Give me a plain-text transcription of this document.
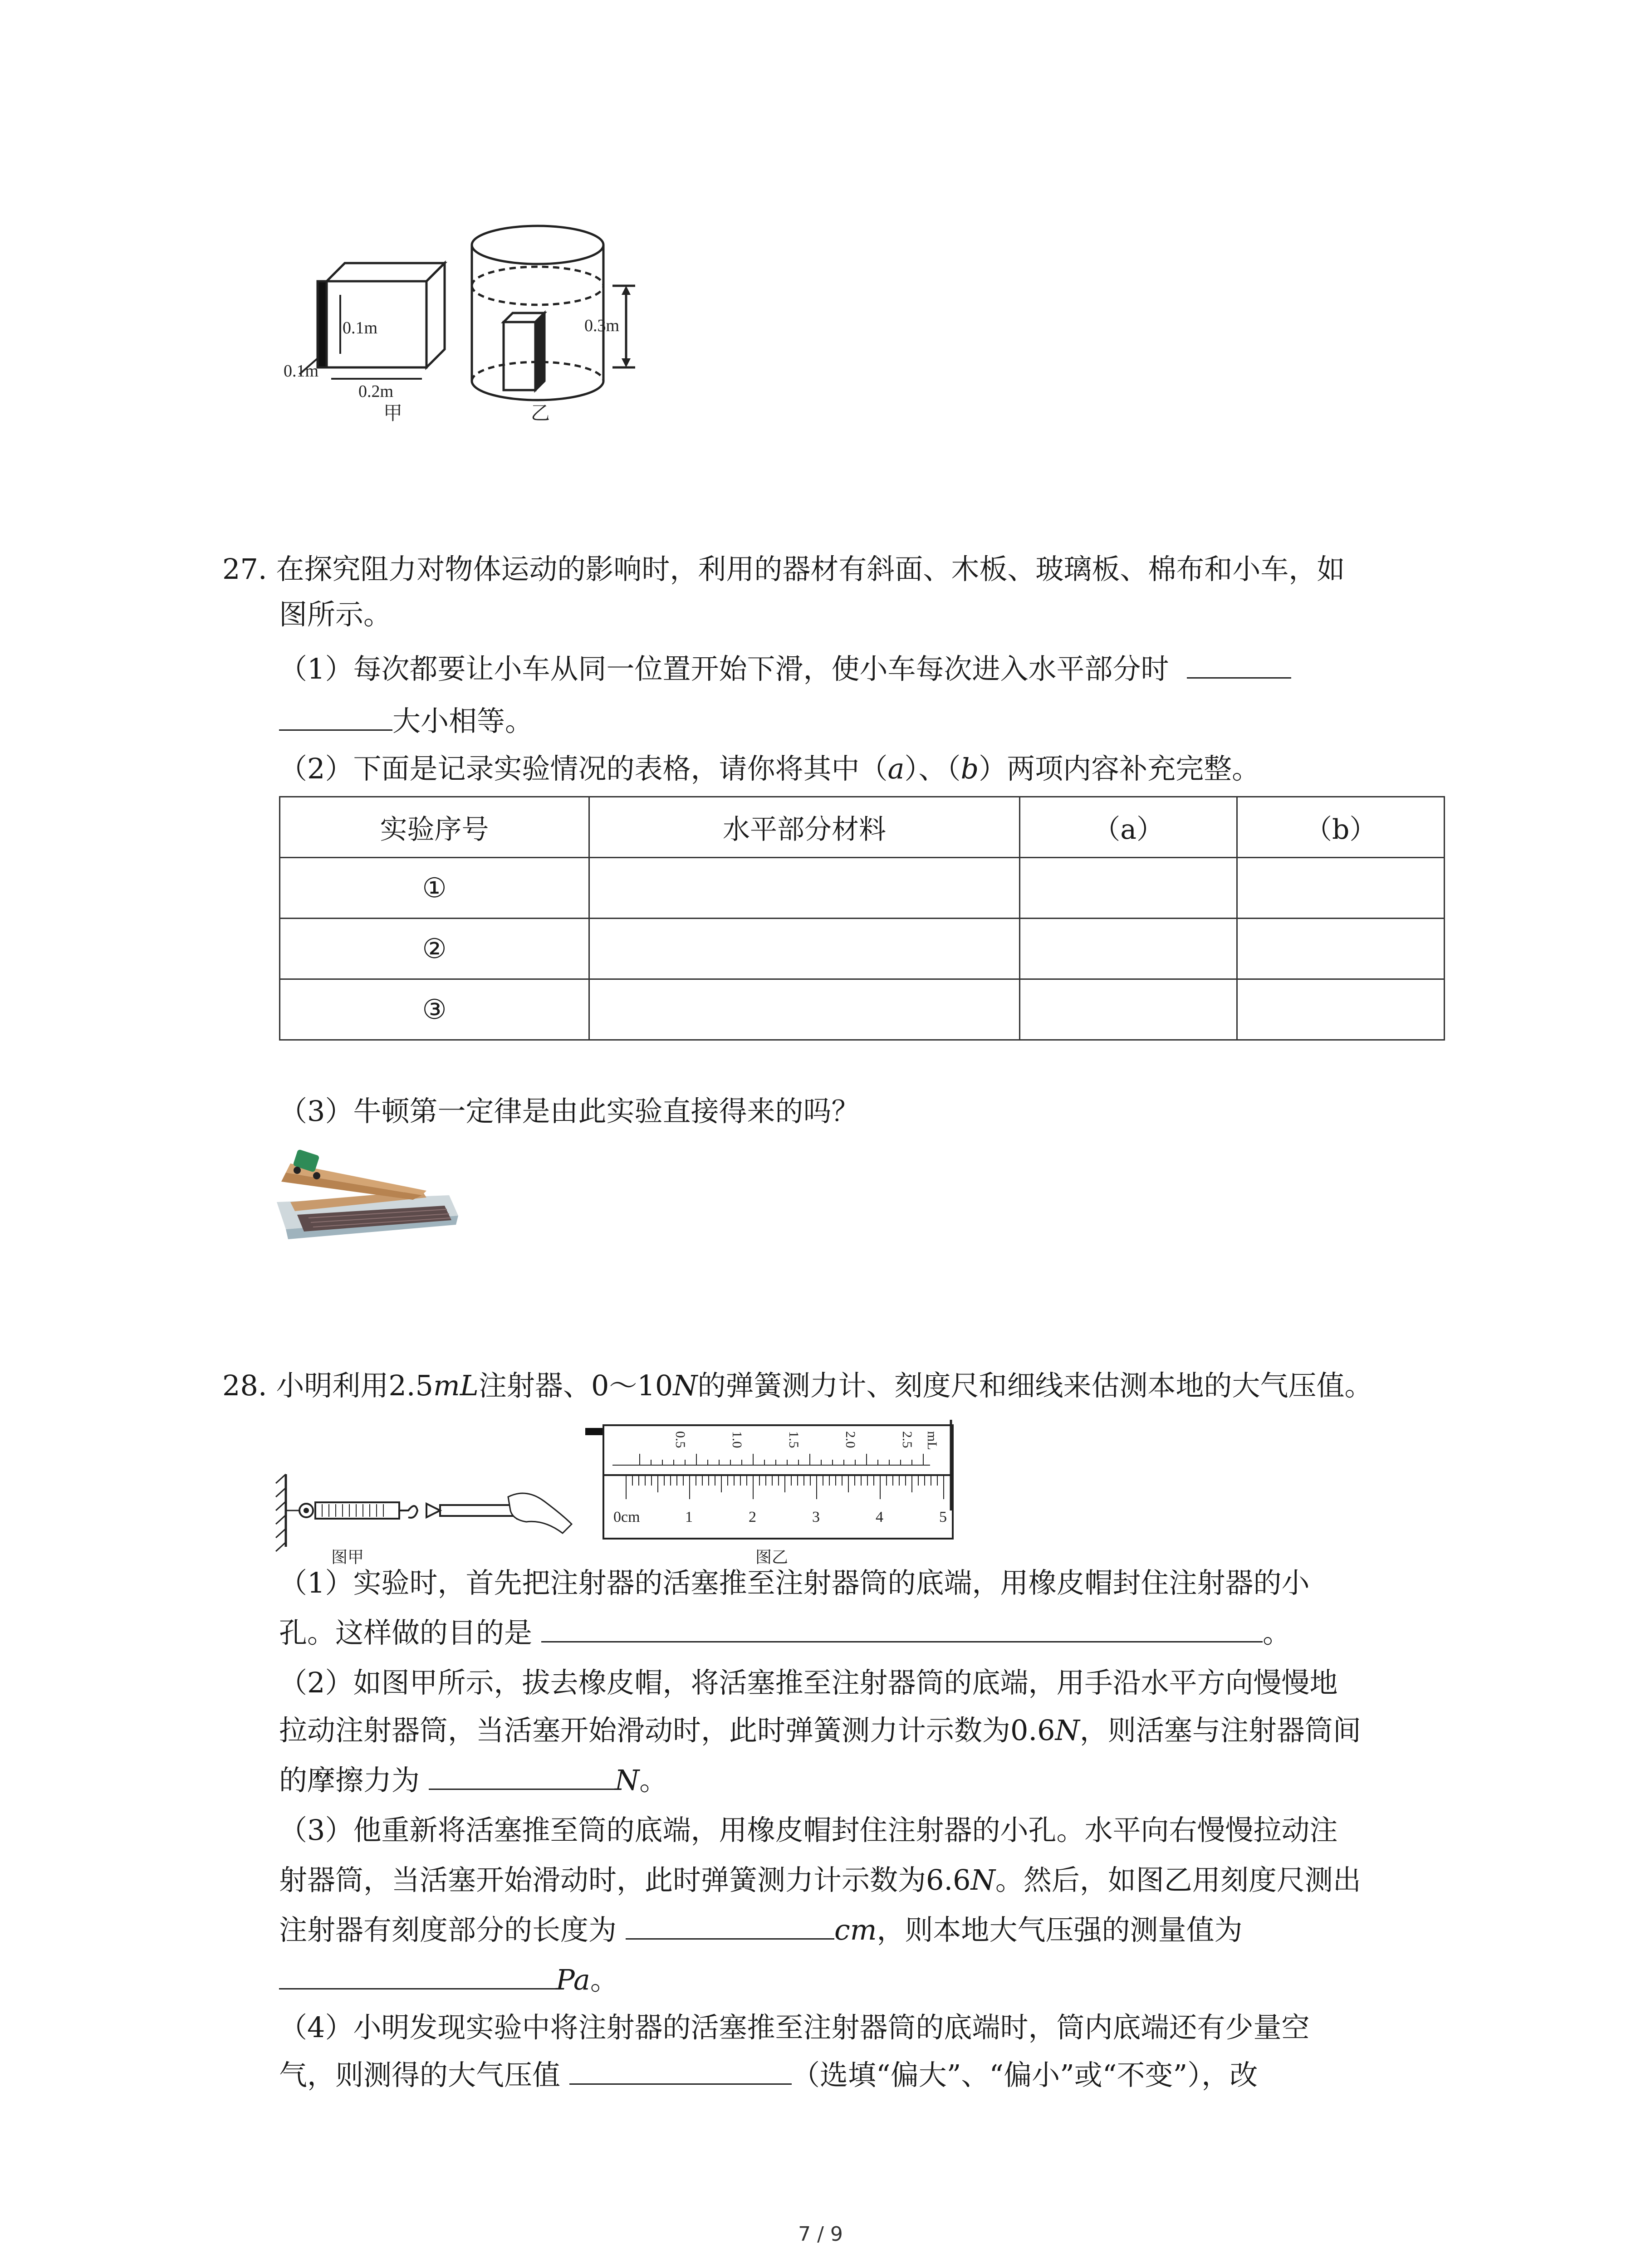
0.1m
0.1m
0.2m
甲
0.3m
乙
27. 在探究阻力对物体运动的影响时，利用的器材有斜面、木板、玻璃板、棉布和小车，如
图所示。
（1）每次都要让小车从同一位置开始下滑，使小车每次进入水平部分时
大小相等。
（2）下面是记录实验情况的表格，请你将其中（a）、（b）两项内容补充完整。
实验序号	水平部分材料	（a）	（b）
①			
②			
③			
（3）牛顿第一定律是由此实验直接得来的吗？
28. 小明利用2.5mL注射器、0～10N的弹簧测力计、刻度尺和细线来估测本地的大气压值。
图甲
0.5	1.0	1.5	2.0	2.5 mL
0cm	1	2	3	4	5
图乙
（1）实验时，首先把注射器的活塞推至注射器筒的底端，用橡皮帽封住注射器的小
孔。这样做的目的是	。
（2）如图甲所示，拔去橡皮帽，将活塞推至注射器筒的底端，用手沿水平方向慢慢地
拉动注射器筒，当活塞开始滑动时，此时弹簧测力计示数为0.6N，则活塞与注射器筒间
的摩擦力为	N。
（3）他重新将活塞推至筒的底端，用橡皮帽封住注射器的小孔。水平向右慢慢拉动注
射器筒，当活塞开始滑动时，此时弹簧测力计示数为6.6N。然后，如图乙用刻度尺测出
注射器有刻度部分的长度为	cm，则本地大气压强的测量值为
Pa。
（4）小明发现实验中将注射器的活塞推至注射器筒的底端时，筒内底端还有少量空
气，则测得的大气压值	（选填“偏大”、“偏小”或“不变”），改
7 / 9
